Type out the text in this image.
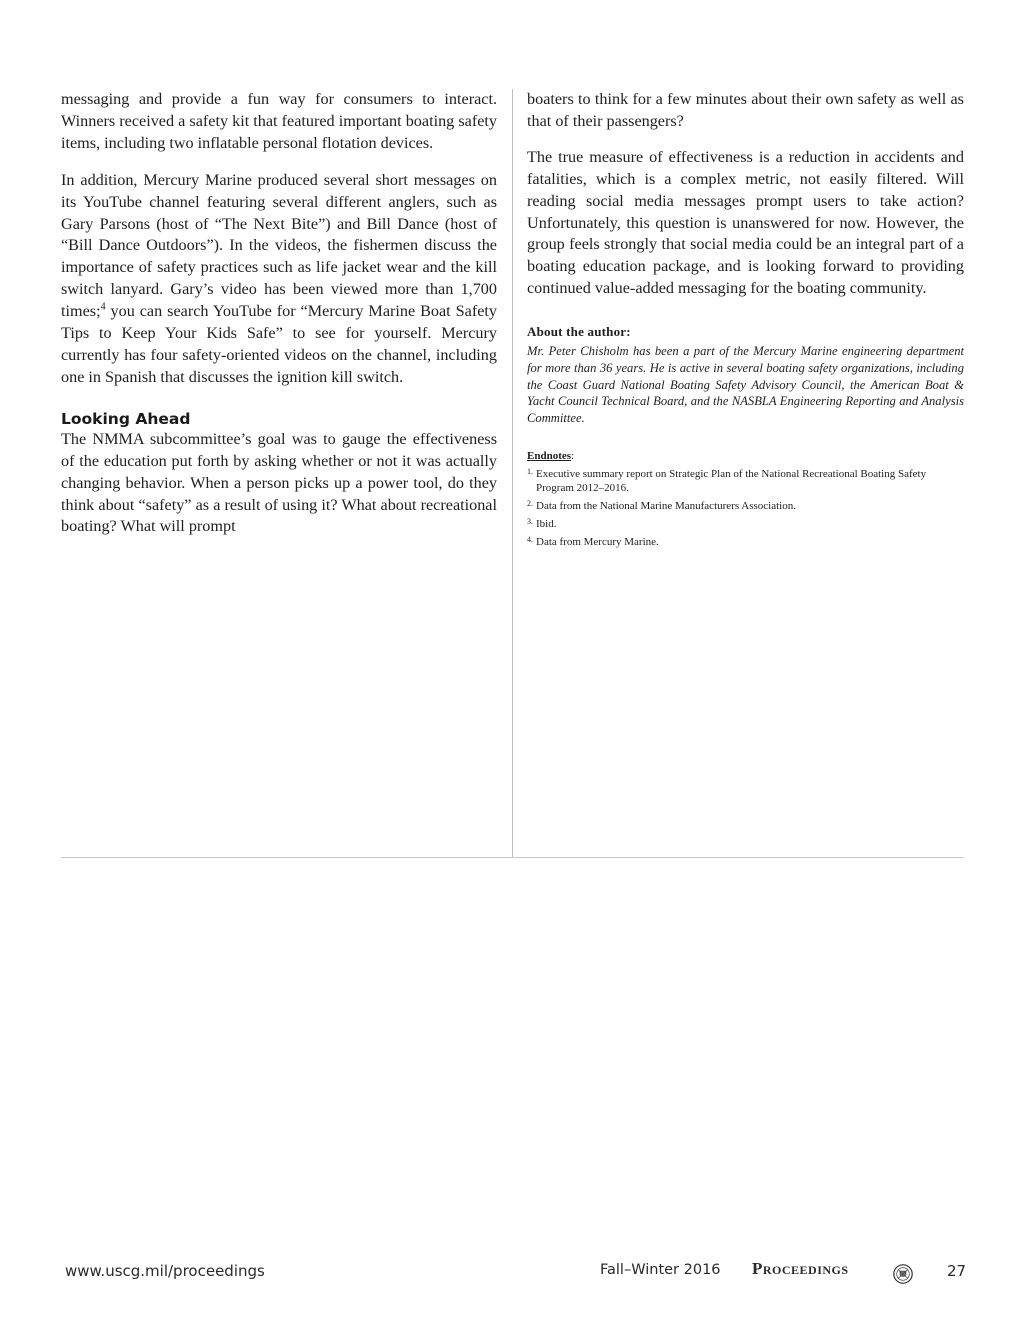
messaging and provide a fun way for consumers to interact. Winners received a safety kit that featured important boating safety items, including two inflatable personal flotation devices.

In addition, Mercury Marine produced several short messages on its YouTube channel featuring several different anglers, such as Gary Parsons (host of “The Next Bite”) and Bill Dance (host of “Bill Dance Outdoors”). In the videos, the fishermen discuss the importance of safety practices such as life jacket wear and the kill switch lanyard. Gary’s video has been viewed more than 1,700 times;$^4$ you can search YouTube for “Mercury Marine Boat Safety Tips to Keep Your Kids Safe” to see for yourself. Mercury currently has four safety-oriented videos on the channel, including one in Spanish that discusses the ignition kill switch.

Looking Ahead

The NMMA subcommittee’s goal was to gauge the effectiveness of the education put forth by asking whether or not it was actually changing behavior. When a person picks up a power tool, do they think about “safety” as a result of using it? What about recreational boating? What will prompt

boaters to think for a few minutes about their own safety as well as that of their passengers?

The true measure of effectiveness is a reduction in accidents and fatalities, which is a complex metric, not easily filtered. Will reading social media messages prompt users to take action? Unfortunately, this question is unanswered for now. However, the group feels strongly that social media could be an integral part of a boating education package, and is looking forward to providing continued value-added messaging for the boating community.

About the author:

Mr. Peter Chisholm has been a part of the Mercury Marine engineering department for more than 36 years. He is active in several boating safety organizations, including the Coast Guard National Boating Safety Advisory Council, the American Boat & Yacht Council Technical Board, and the NASBLA Engineering Reporting and Analysis Committee.

Endnotes:
1. Executive summary report on Strategic Plan of the National Recreational Boating Safety Program 2012–2016.
2. Data from the National Marine Manufacturers Association.
3. Ibid.
4. Data from Mercury Marine.
www.uscg.mil/proceedings	Fall–Winter 2016 Proceedings	27
